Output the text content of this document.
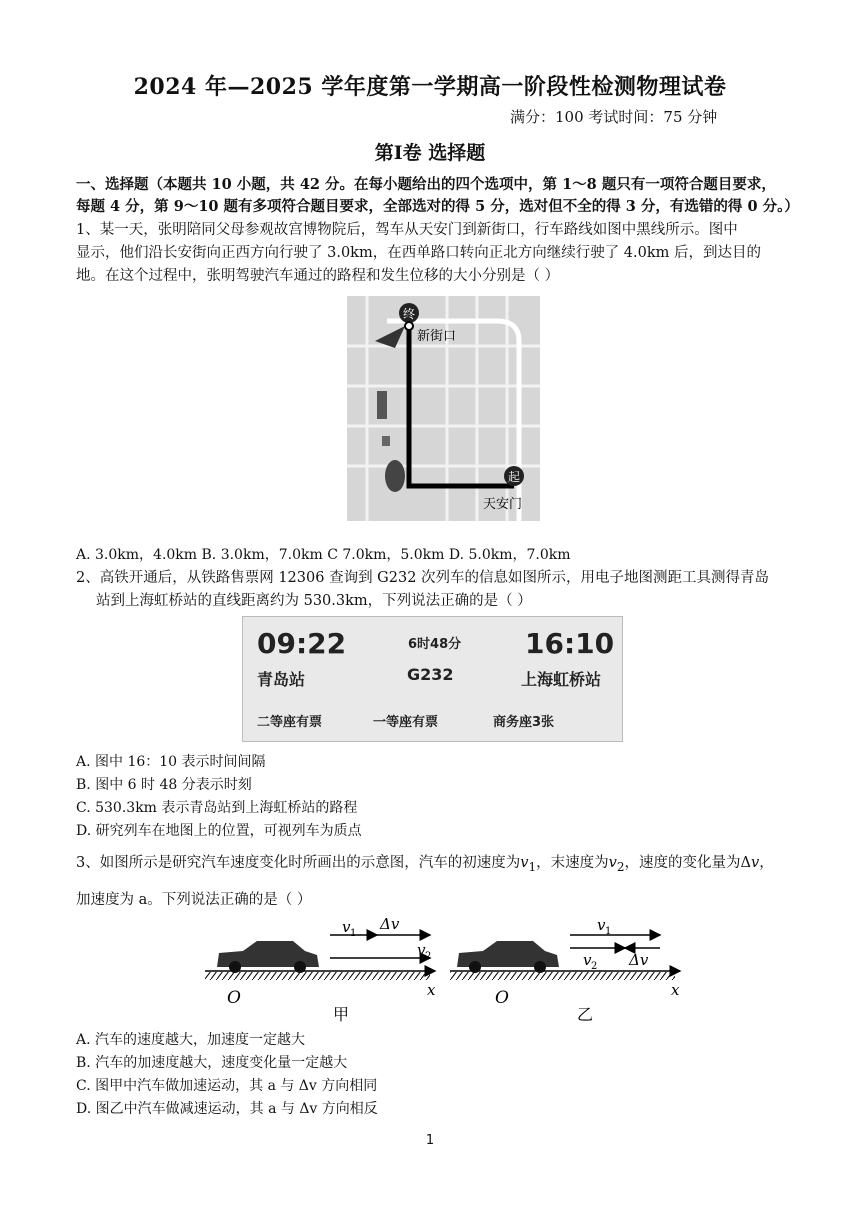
2024 年—2025 学年度第一学期高一阶段性检测物理试卷
满分：100 考试时间：75 分钟
第Ⅰ卷 选择题
一、选择题（本题共 10 小题，共 42 分。在每小题给出的四个选项中，第 1～8 题只有一项符合题目要求，
每题 4 分，第 9～10 题有多项符合题目要求，全部选对的得 5 分，选对但不全的得 3 分，有选错的得 0 分。）
1、某一天，张明陪同父母参观故宫博物院后，驾车从天安门到新街口，行车路线如图中黑线所示。图中
显示，他们沿长安街向正西方向行驶了 3.0km，在西单路口转向正北方向继续行驶了 4.0km 后，到达目的
地。在这个过程中，张明驾驶汽车通过的路程和发生位移的大小分别是（ ）
终
新街口
起
天安门
A. 3.0km，4.0km B. 3.0km，7.0km C 7.0km，5.0km D. 5.0km，7.0km
2、高铁开通后，从铁路售票网 12306 查询到 G232 次列车的信息如图所示，用电子地图测距工具测得青岛
站到上海虹桥站的直线距离约为 530.3km，下列说法正确的是（ ）
09:22	6时48分 16:10
青岛站	G232	上海虹桥站
二等座有票	一等座有票	商务座3张
A. 图中 16：10 表示时间间隔
B. 图中 6 时 48 分表示时刻
C. 530.3km 表示青岛站到上海虹桥站的路程
D. 研究列车在地图上的位置，可视列车为质点
3、如图所示是研究汽车速度变化时所画出的示意图，汽车的初速度为$v_1$，末速度为$v_2$，速度的变化量为Δv，
加速度为 a。下列说法正确的是（ ）
v 1
Δv
v 2
O	x
甲
v 1
v 2 Δv
O	x
乙
A. 汽车的速度越大，加速度一定越大
B. 汽车的加速度越大，速度变化量一定越大
C. 图甲中汽车做加速运动，其 a 与 Δv 方向相同
D. 图乙中汽车做减速运动，其 a 与 Δv 方向相反
1
